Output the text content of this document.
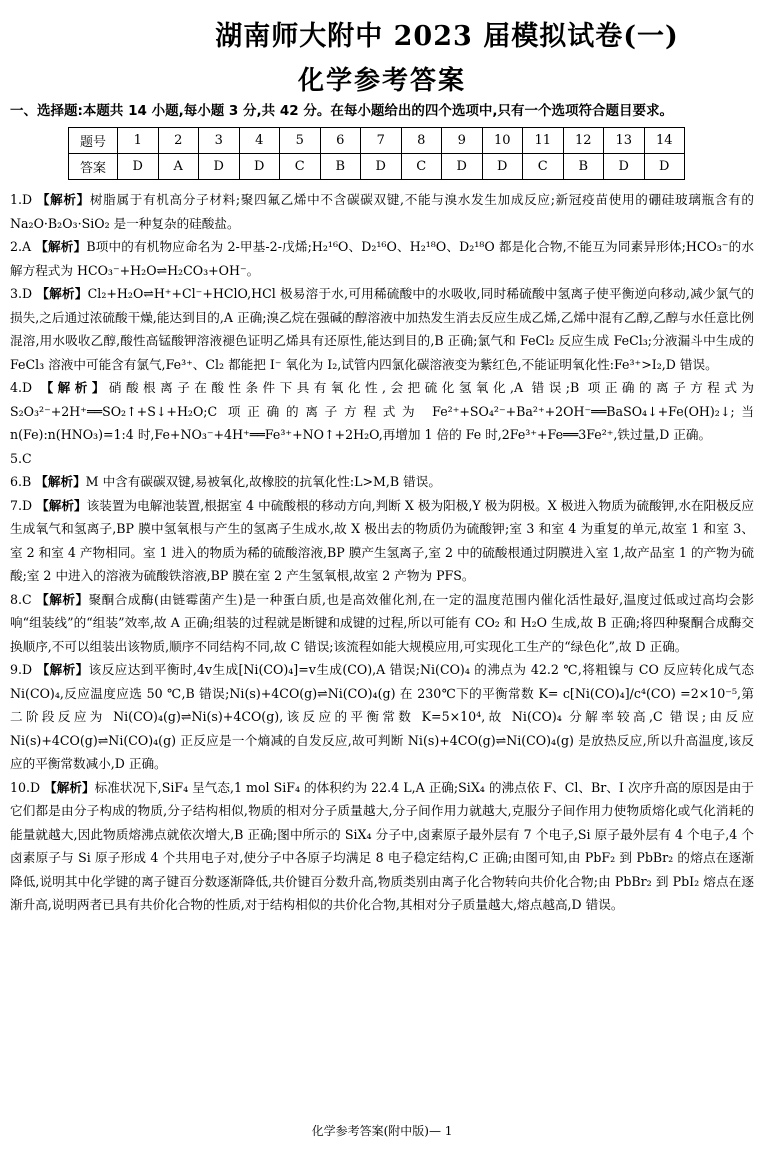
湖南师大附中 2023 届模拟试卷(一)
化学参考答案
一、选择题:本题共 14 小题,每小题 3 分,共 42 分。在每小题给出的四个选项中,只有一个选项符合题目要求。
题号	1	2	3	4	5	6	7	8	9	10	11	12	13	14
答案	D	A	D	D	C	B	D	C	D	D	C	B	D	D

1.D 【解析】树脂属于有机高分子材料;聚四氟乙烯中不含碳碳双键,不能与溴水发生加成反应;新冠疫苗使用的硼硅玻璃瓶含有的 Na₂O·B₂O₃·SiO₂ 是一种复杂的硅酸盐。

2.A 【解析】B项中的有机物应命名为 2-甲基-2-戊烯;H₂¹⁶O、D₂¹⁶O、H₂¹⁸O、D₂¹⁸O 都是化合物,不能互为同素异形体;HCO₃⁻的水解方程式为 HCO₃⁻+H₂O⇌H₂CO₃+OH⁻。

3.D 【解析】Cl₂+H₂O⇌H⁺+Cl⁻+HClO,HCl 极易溶于水,可用稀硫酸中的水吸收,同时稀硫酸中氢离子使平衡逆向移动,减少氯气的损失,之后通过浓硫酸干燥,能达到目的,A 正确;溴乙烷在强碱的醇溶液中加热发生消去反应生成乙烯,乙烯中混有乙醇,乙醇与水任意比例混溶,用水吸收乙醇,酸性高锰酸钾溶液褪色证明乙烯具有还原性,能达到目的,B 正确;氯气和 FeCl₂ 反应生成 FeCl₃;分液漏斗中生成的 FeCl₃ 溶液中可能含有氯气,Fe³⁺、Cl₂ 都能把 I⁻ 氧化为 I₂,试管内四氯化碳溶液变为紫红色,不能证明氧化性:Fe³⁺>I₂,D 错误。

4.D 【解析】硝酸根离子在酸性条件下具有氧化性,会把硫化氢氧化,A 错误;B 项正确的离子方程式为 S₂O₃²⁻+2H⁺══SO₂↑+S↓+H₂O;C 项正确的离子方程式为 Fe²⁺+SO₄²⁻+Ba²⁺+2OH⁻══BaSO₄↓+Fe(OH)₂↓;当 n(Fe):n(HNO₃)=1:4 时,Fe+NO₃⁻+4H⁺══Fe³⁺+NO↑+2H₂O,再增加 1 倍的 Fe 时,2Fe³⁺+Fe══3Fe²⁺,铁过量,D 正确。

5.C

6.B 【解析】M 中含有碳碳双键,易被氧化,故橡胶的抗氧化性:L>M,B 错误。

7.D 【解析】该装置为电解池装置,根据室 4 中硫酸根的移动方向,判断 X 极为阳极,Y 极为阴极。X 极进入物质为硫酸钾,水在阳极反应生成氧气和氢离子,BP 膜中氢氧根与产生的氢离子生成水,故 X 极出去的物质仍为硫酸钾;室 3 和室 4 为重复的单元,故室 1 和室 3、室 2 和室 4 产物相同。室 1 进入的物质为稀的硫酸溶液,BP 膜产生氢离子,室 2 中的硫酸根通过阴膜进入室 1,故产品室 1 的产物为硫酸;室 2 中进入的溶液为硫酸铁溶液,BP 膜在室 2 产生氢氧根,故室 2 产物为 PFS。

8.C 【解析】聚酮合成酶(由链霉菌产生)是一种蛋白质,也是高效催化剂,在一定的温度范围内催化活性最好,温度过低或过高均会影响“组装线”的“组装”效率,故 A 正确;组装的过程就是断键和成键的过程,所以可能有 CO₂ 和 H₂O 生成,故 B 正确;将四种聚酮合成酶交换顺序,不可以组装出该物质,顺序不同结构不同,故 C 错误;该流程如能大规模应用,可实现化工生产的“绿色化”,故 D 正确。

9.D 【解析】该反应达到平衡时,4v生成[Ni(CO)₄]=v生成(CO),A 错误;Ni(CO)₄ 的沸点为 42.2 ℃,将粗镍与 CO 反应转化成气态 Ni(CO)₄,反应温度应选 50 ℃,B 错误;Ni(s)+4CO(g)⇌Ni(CO)₄(g) 在 230℃下的平衡常数 K= c[Ni(CO)₄]/c⁴(CO) =2×10⁻⁵,第二阶段反应为 Ni(CO)₄(g)⇌Ni(s)+4CO(g),该反应的平衡常数 K=5×10⁴,故 Ni(CO)₄ 分解率较高,C 错误;由反应 Ni(s)+4CO(g)⇌Ni(CO)₄(g) 正反应是一个熵减的自发反应,故可判断 Ni(s)+4CO(g)⇌Ni(CO)₄(g) 是放热反应,所以升高温度,该反应的平衡常数减小,D 正确。

10.D 【解析】标准状况下,SiF₄ 呈气态,1 mol SiF₄ 的体积约为 22.4 L,A 正确;SiX₄ 的沸点依 F、Cl、Br、I 次序升高的原因是由于它们都是由分子构成的物质,分子结构相似,物质的相对分子质量越大,分子间作用力就越大,克服分子间作用力使物质熔化或气化消耗的能量就越大,因此物质熔沸点就依次增大,B 正确;图中所示的 SiX₄ 分子中,卤素原子最外层有 7 个电子,Si 原子最外层有 4 个电子,4 个卤素原子与 Si 原子形成 4 个共用电子对,使分子中各原子均满足 8 电子稳定结构,C 正确;由图可知,由 PbF₂ 到 PbBr₂ 的熔点在逐渐降低,说明其中化学键的离子键百分数逐渐降低,共价键百分数升高,物质类别由离子化合物转向共价化合物;由 PbBr₂ 到 PbI₂ 熔点在逐渐升高,说明两者已具有共价化合物的性质,对于结构相似的共价化合物,其相对分子质量越大,熔点越高,D 错误。

化学参考答案(附中版)— 1
